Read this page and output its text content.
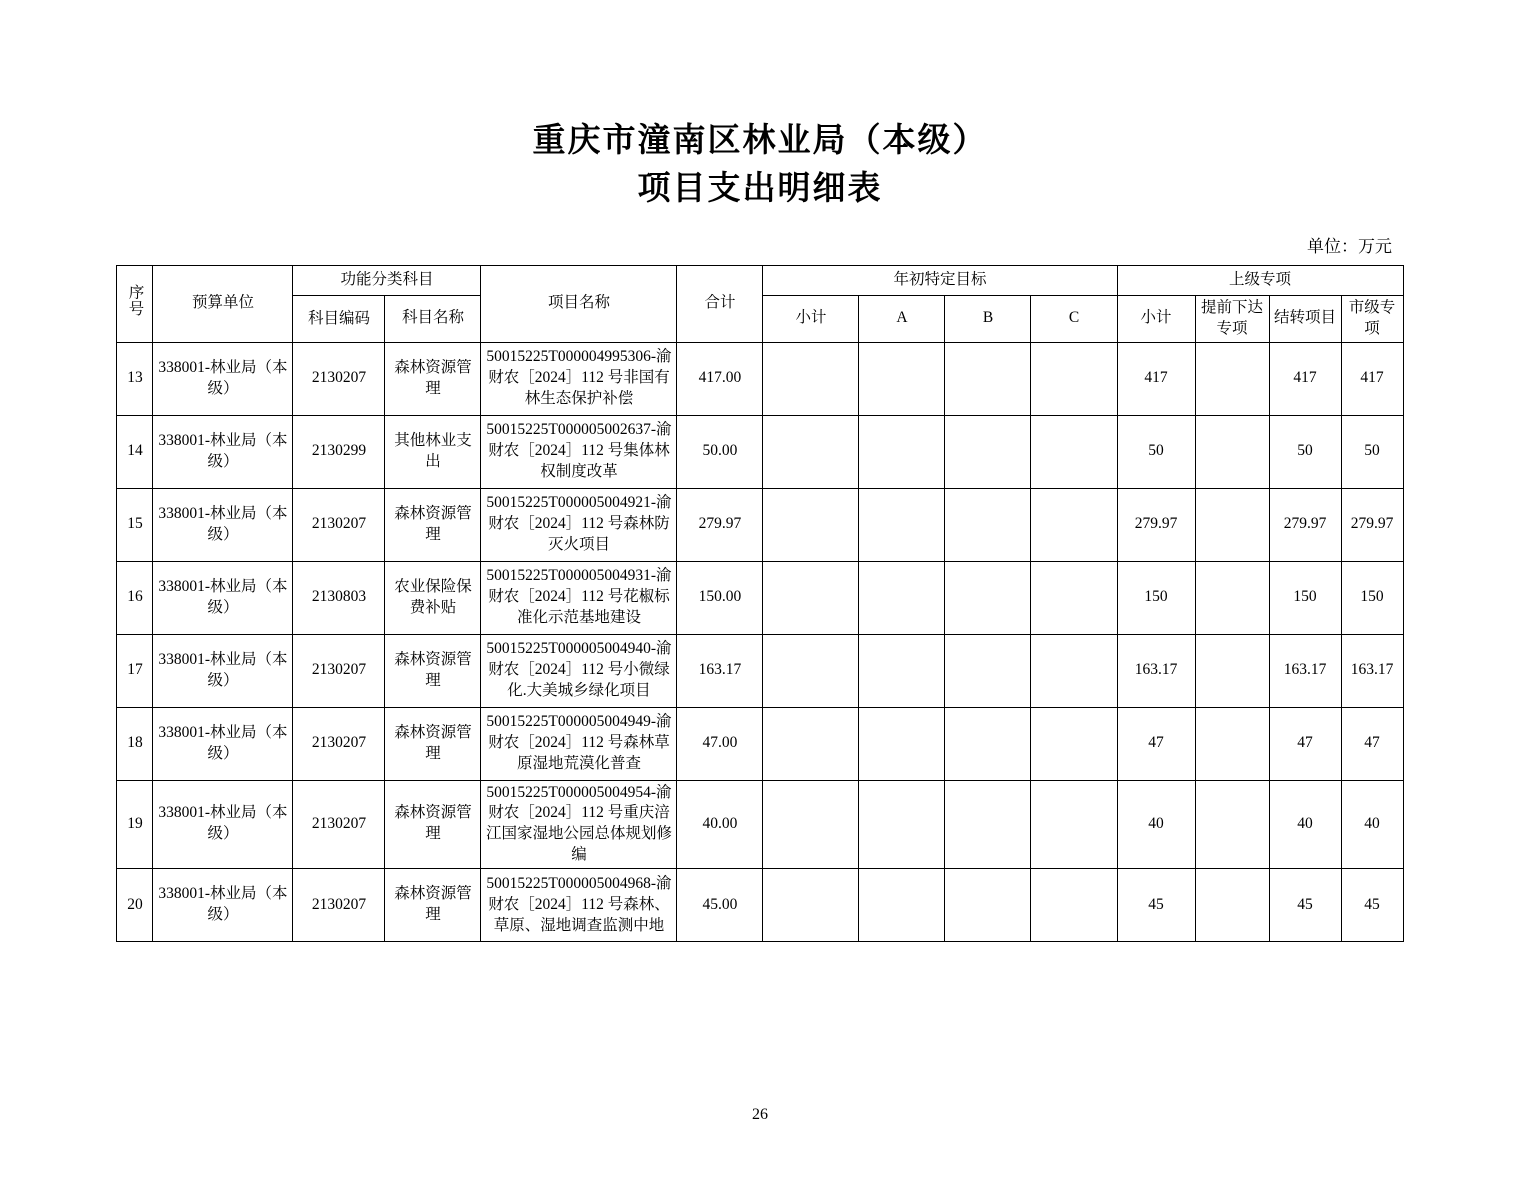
重庆市潼南区林业局（本级）
项目支出明细表
单位：万元
序号	预算单位	功能分类科目		项目名称	合计	年初特定目标				上级专项			

		科目编码	科目名称			小计	A	B	C	小计	提前下达专项	结转项目	市级专项
13	338001-林业局（本级）	2130207	森林资源管理	50015225T000004995306-渝财农［2024］112 号非国有林生态保护补偿	417.00					417		417	417
14	338001-林业局（本级）	2130299	其他林业支出	50015225T000005002637-渝财农［2024］112 号集体林权制度改革	50.00					50		50	50
15	338001-林业局（本级）	2130207	森林资源管理	50015225T000005004921-渝财农［2024］112 号森林防灭火项目	279.97					279.97		279.97	279.97
16	338001-林业局（本级）	2130803	农业保险保费补贴	50015225T000005004931-渝财农［2024］112 号花椒标准化示范基地建设	150.00					150		150	150
17	338001-林业局（本级）	2130207	森林资源管理	50015225T000005004940-渝财农［2024］112 号小微绿化.大美城乡绿化项目	163.17					163.17		163.17	163.17
18	338001-林业局（本级）	2130207	森林资源管理	50015225T000005004949-渝财农［2024］112 号森林草原湿地荒漠化普查	47.00					47		47	47
19	338001-林业局（本级）	2130207	森林资源管理	50015225T000005004954-渝财农［2024］112 号重庆涪江国家湿地公园总体规划修编	40.00					40		40	40
20	338001-林业局（本级）	2130207	森林资源管理	50015225T000005004968-渝财农［2024］112 号森林、草原、湿地调查监测中地	45.00					45		45	45
26
